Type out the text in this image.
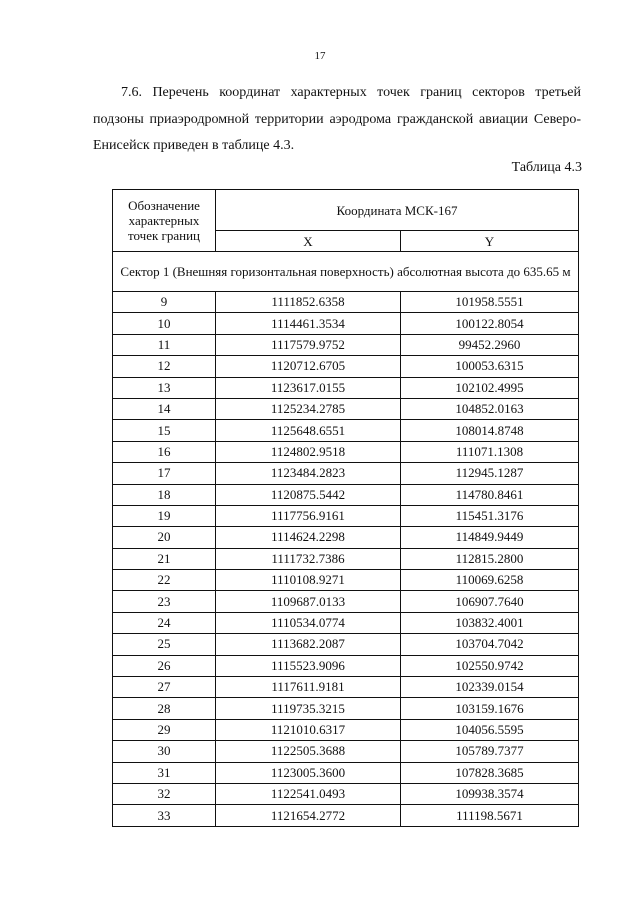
17

7.6. Перечень координат характерных точек границ секторов третьей подзоны приаэродромной территории аэродрома гражданской авиации Северо-Енисейск приведен в таблице 4.3.

Таблица 4.3
Обозначение характерных точек границ	Координата МСК-167	
	X	Y
Сектор 1 (Внешняя горизонтальная поверхность) абсолютная высота до 635.65 м		
9	1111852.6358	101958.5551
10	1114461.3534	100122.8054
11	1117579.9752	99452.2960
12	1120712.6705	100053.6315
13	1123617.0155	102102.4995
14	1125234.2785	104852.0163
15	1125648.6551	108014.8748
16	1124802.9518	111071.1308
17	1123484.2823	112945.1287
18	1120875.5442	114780.8461
19	1117756.9161	115451.3176
20	1114624.2298	114849.9449
21	1111732.7386	112815.2800
22	1110108.9271	110069.6258
23	1109687.0133	106907.7640
24	1110534.0774	103832.4001
25	1113682.2087	103704.7042
26	1115523.9096	102550.9742
27	1117611.9181	102339.0154
28	1119735.3215	103159.1676
29	1121010.6317	104056.5595
30	1122505.3688	105789.7377
31	1123005.3600	107828.3685
32	1122541.0493	109938.3574
33	1121654.2772	111198.5671
